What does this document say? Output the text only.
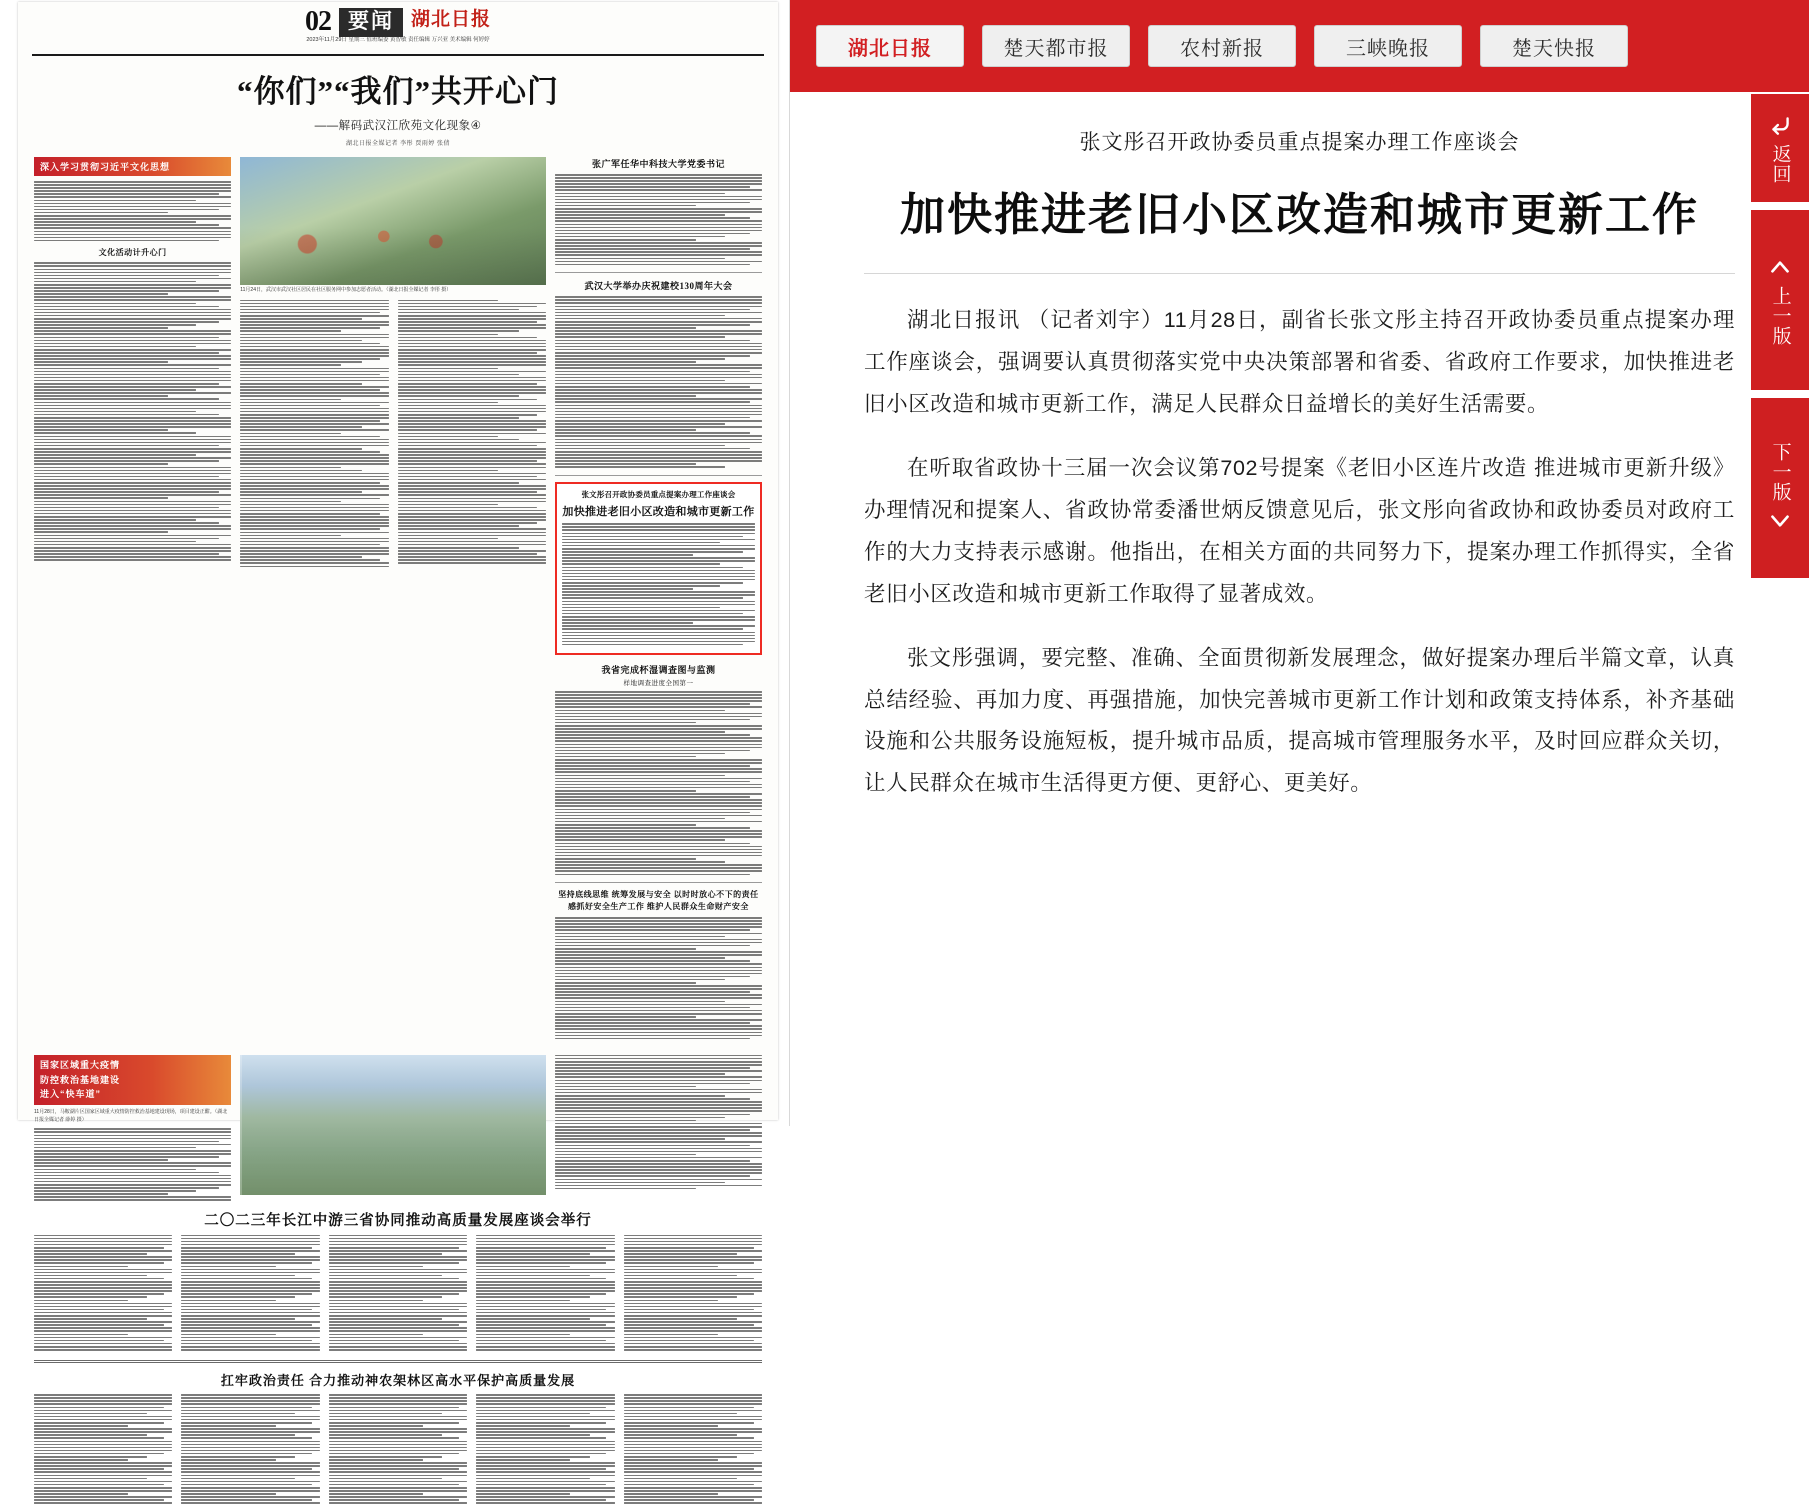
02 要闻 湖北日报
2023年11月29日 星期三 值班编委 黄智敏 责任编辑 万兴亚 美术编辑 何婷婷
“你们”“我们”共开心门
——解码武汉江欣苑文化现象④
湖北日报全媒记者 李彤 贾雨婷 张倩
深入学习贯彻习近平文化思想
文化活动计升心门
11月24日，武汉市武汉社区居民在社区服务网中参加志愿者活动。（湖北日报全媒记者 李彤 摄）
张广军任华中科技大学党委书记
武汉大学举办庆祝建校130周年大会
张文彤召开政协委员重点提案办理工作座谈会
加快推进老旧小区改造和城市更新工作
我省完成杯湿调查图与监测
样地调查进度全国第一
坚持底线思维 统筹发展与安全 以时时放心不下的责任感抓好安全生产工作 维护人民群众生命财产安全
国家区域重大疫情
防控救治基地建设
进入“快车道”
11月28日，马鞍湖片区国家区域重大疫情防控救治基地建设现场，项目建设正酣。（湖北日报全媒记者 薛婷 摄）
二〇二三年长江中游三省协同推动高质量发展座谈会举行
扛牢政治责任 合力推动神农架林区高水平保护高质量发展
湖北日报	楚天都市报	农村新报	三峡晚报	楚天快报
张文彤召开政协委员重点提案办理工作座谈会
加快推进老旧小区改造和城市更新工作

湖北日报讯 （记者刘宇）11月28日，副省长张文彤主持召开政协委员重点提案办理工作座谈会，强调要认真贯彻落实党中央决策部署和省委、省政府工作要求，加快推进老旧小区改造和城市更新工作，满足人民群众日益增长的美好生活需要。

在听取省政协十三届一次会议第702号提案《老旧小区连片改造 推进城市更新升级》办理情况和提案人、省政协常委潘世炳反馈意见后，张文彤向省政协和政协委员对政府工作的大力支持表示感谢。他指出，在相关方面的共同努力下，提案办理工作抓得实，全省老旧小区改造和城市更新工作取得了显著成效。

张文彤强调，要完整、准确、全面贯彻新发展理念，做好提案办理后半篇文章，认真总结经验、再加力度、再强措施，加快完善城市更新工作计划和政策支持体系，补齐基础设施和公共服务设施短板，提升城市品质，提高城市管理服务水平，及时回应群众关切，让人民群众在城市生活得更方便、更舒心、更美好。

返回
上一版
下一版
